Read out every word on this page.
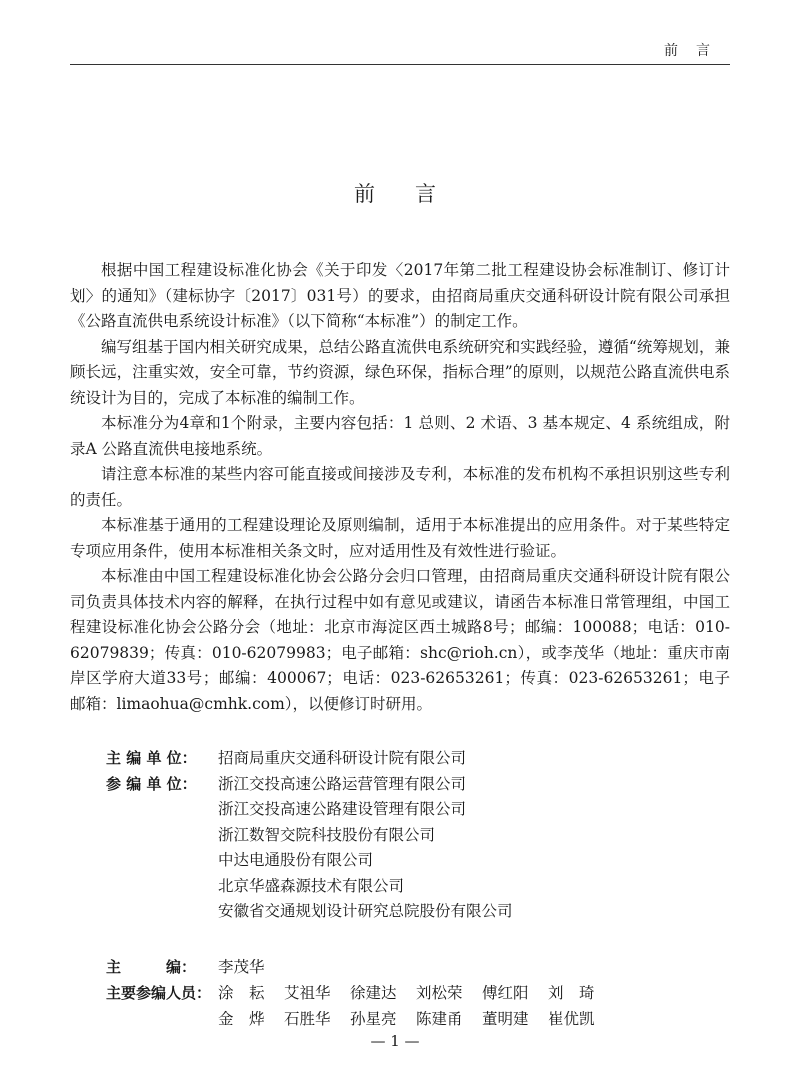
前言
前言

根据中国工程建设标准化协会《关于印发〈2017年第二批工程建设协会标准制订、修订计划〉的通知》（建标协字〔2017〕031号）的要求，由招商局重庆交通科研设计院有限公司承担《公路直流供电系统设计标准》（以下简称“本标准”）的制定工作。

编写组基于国内相关研究成果，总结公路直流供电系统研究和实践经验，遵循“统筹规划，兼顾长远，注重实效，安全可靠，节约资源，绿色环保，指标合理”的原则，以规范公路直流供电系统设计为目的，完成了本标准的编制工作。

本标准分为4章和1个附录，主要内容包括：1 总则、2 术语、3 基本规定、4 系统组成，附录A 公路直流供电接地系统。

请注意本标准的某些内容可能直接或间接涉及专利，本标准的发布机构不承担识别这些专利的责任。

本标准基于通用的工程建设理论及原则编制，适用于本标准提出的应用条件。对于某些特定专项应用条件，使用本标准相关条文时，应对适用性及有效性进行验证。

本标准由中国工程建设标准化协会公路分会归口管理，由招商局重庆交通科研设计院有限公司负责具体技术内容的解释，在执行过程中如有意见或建议，请函告本标准日常管理组，中国工程建设标准化协会公路分会（地址：北京市海淀区西土城路8号；邮编：100088；电话：010-62079839；传真：010-62079983；电子邮箱：shc@rioh.cn），或李茂华（地址：重庆市南岸区学府大道33号；邮编：400067；电话：023-62653261；传真：023-62653261；电子邮箱：limaohua@cmhk.com），以便修订时研用。

主 编 单 位：	招商局重庆交通科研设计院有限公司
参 编 单 位：	浙江交投高速公路运营管理有限公司
浙江交投高速公路建设管理有限公司
浙江数智交院科技股份有限公司
中达电通股份有限公司
北京华盛森源技术有限公司
安徽省交通规划设计研究总院股份有限公司
主　　　编：	李茂华
主要参编人员： 涂　耘	艾祖华	徐建达	刘松荣	傅红阳	刘　琦
金　烨	石胜华	孙星亮	陈建甬	董明建	崔优凯
— 1 —
